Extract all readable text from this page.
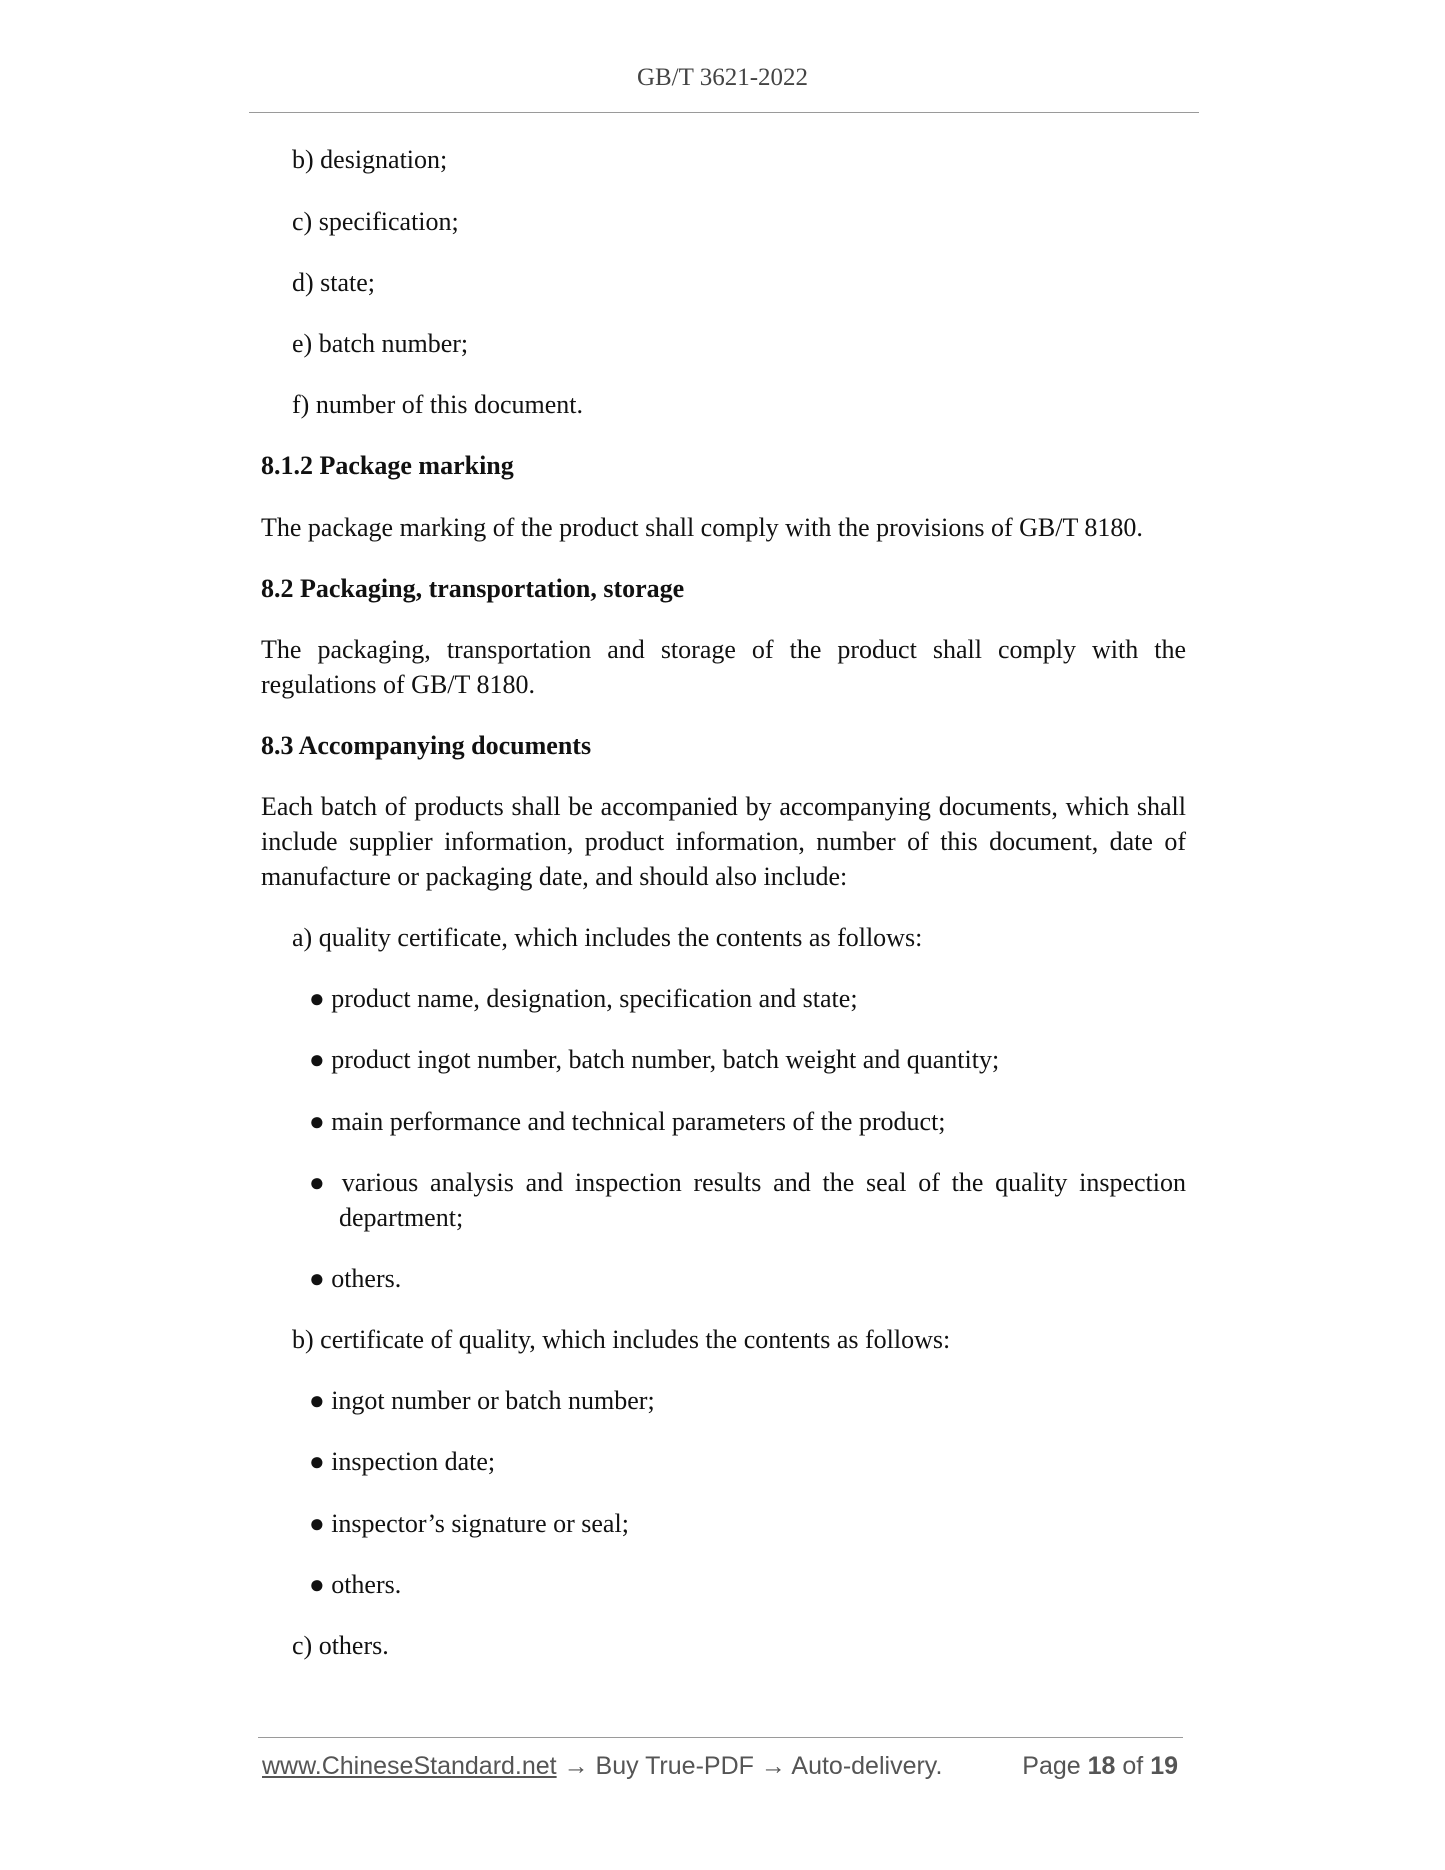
GB/T 3621-2022
b) designation;
c) specification;
d) state;
e) batch number;
f) number of this document.
8.1.2 Package marking
The package marking of the product shall comply with the provisions of GB/T 8180.
8.2 Packaging, transportation, storage
The packaging, transportation and storage of the product shall comply with the regulations of GB/T 8180.
8.3 Accompanying documents
Each batch of products shall be accompanied by accompanying documents, which shall include supplier information, product information, number of this document, date of manufacture or packaging date, and should also include:
a) quality certificate, which includes the contents as follows:
● product name, designation, specification and state;
● product ingot number, batch number, batch weight and quantity;
● main performance and technical parameters of the product;
● various analysis and inspection results and the seal of the quality inspection department;
● others.
b) certificate of quality, which includes the contents as follows:
● ingot number or batch number;
● inspection date;
● inspector’s signature or seal;
● others.
c) others.
www.ChineseStandard.net → Buy True-PDF → Auto-delivery.	Page 18 of 19
